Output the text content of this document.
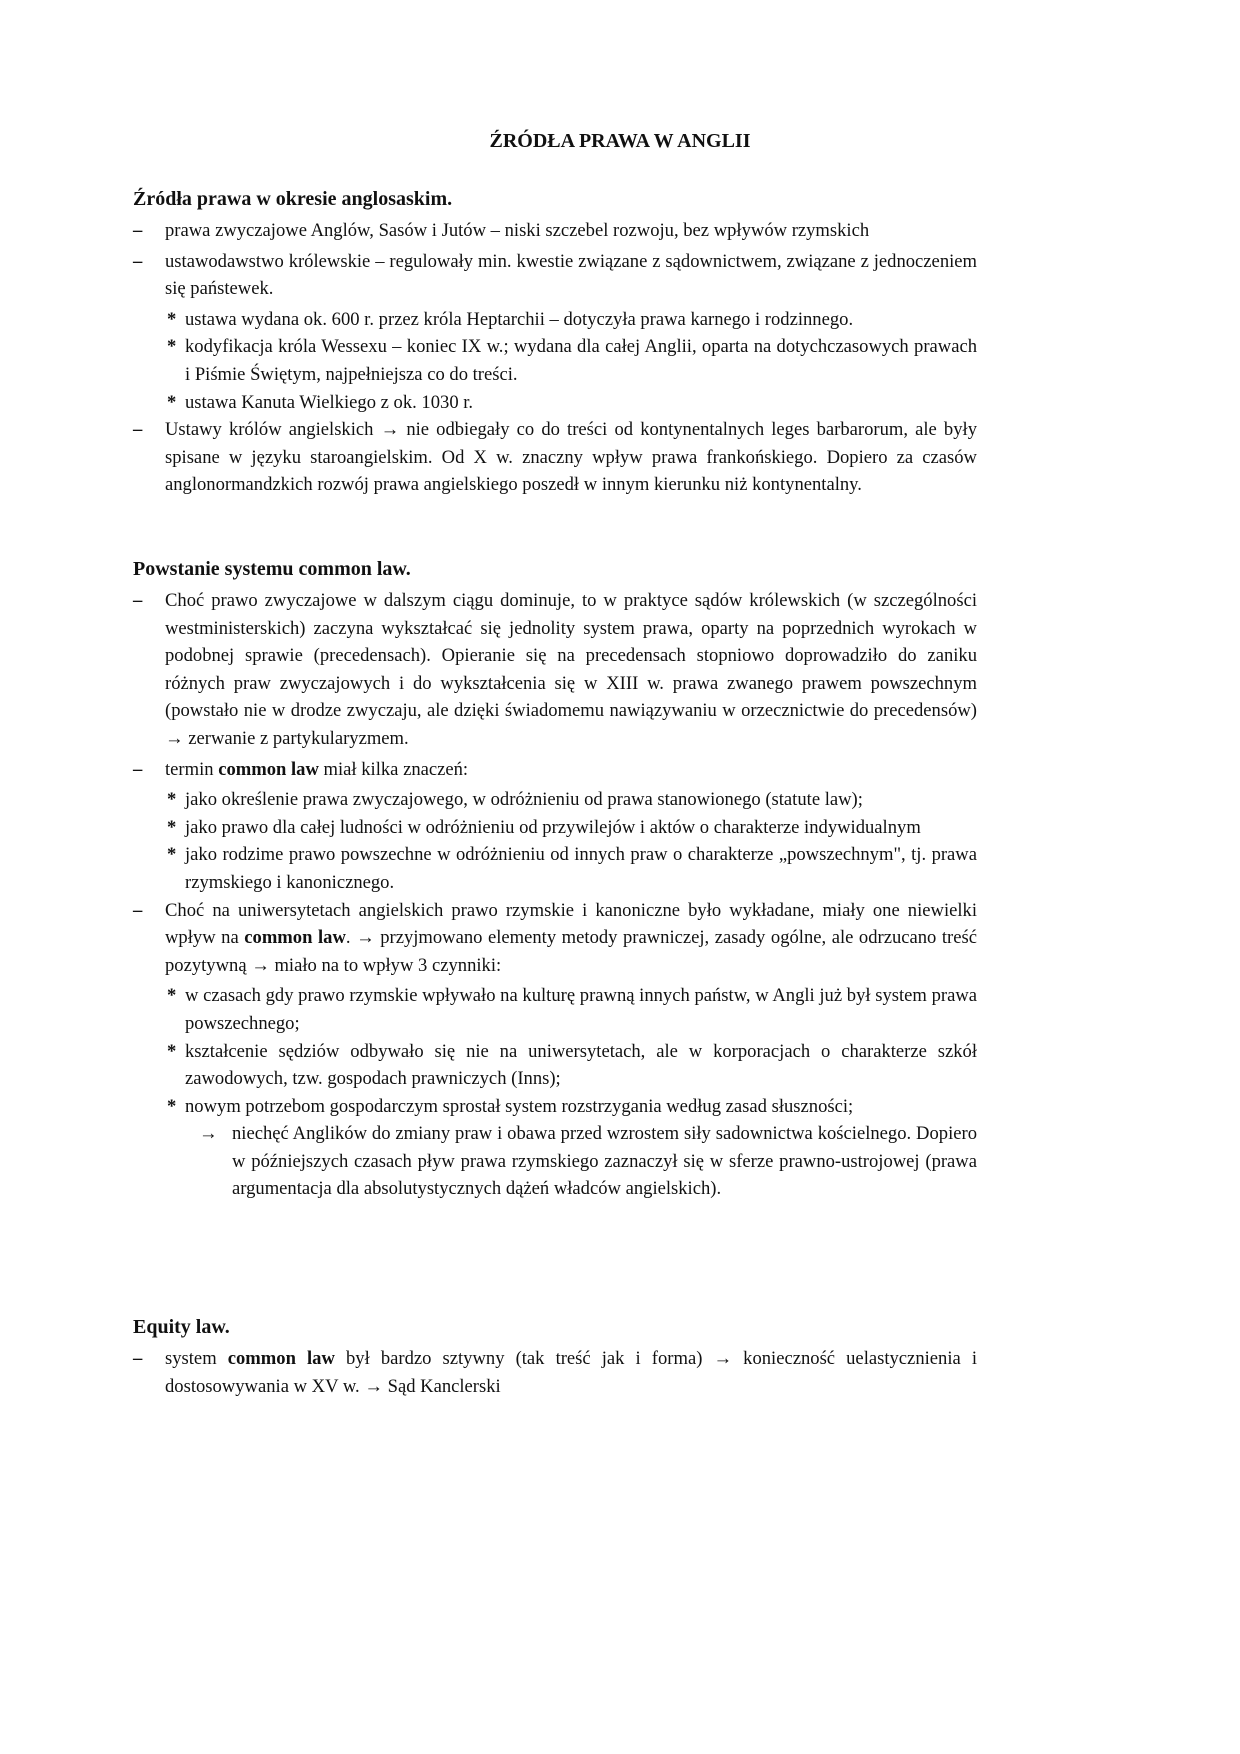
ŹRÓDŁA PRAWA W ANGLII
Źródła prawa w okresie anglosaskim.
– prawa zwyczajowe Anglów, Sasów i Jutów – niski szczebel rozwoju, bez wpływów rzymskich
– ustawodawstwo królewskie – regulowały min. kwestie związane z sądownictwem, związane z jednoczeniem się państewek.
* ustawa wydana ok. 600 r. przez króla Heptarchii – dotyczyła prawa karnego i rodzinnego.
* kodyfikacja króla Wessexu – koniec IX w.; wydana dla całej Anglii, oparta na dotychczasowych prawach i Piśmie Świętym, najpełniejsza co do treści.
* ustawa Kanuta Wielkiego z ok. 1030 r.
– Ustawy królów angielskich → nie odbiegały co do treści od kontynentalnych leges barbarorum, ale były spisane w języku staroangielskim. Od X w. znaczny wpływ prawa frankońskiego. Dopiero za czasów anglonormandzkich rozwój prawa angielskiego poszedł w innym kierunku niż kontynentalny.
Powstanie systemu common law.
– Choć prawo zwyczajowe w dalszym ciągu dominuje, to w praktyce sądów królewskich (w szczególności westministerskich) zaczyna wykształcać się jednolity system prawa, oparty na poprzednich wyrokach w podobnej sprawie (precedensach). Opieranie się na precedensach stopniowo doprowadziło do zaniku różnych praw zwyczajowych i do wykształcenia się w XIII w. prawa zwanego prawem powszechnym (powstało nie w drodze zwyczaju, ale dzięki świadomemu nawiązywaniu w orzecznictwie do precedensów) → zerwanie z partykularyzmem.
– termin common law miał kilka znaczeń:
* jako określenie prawa zwyczajowego, w odróżnieniu od prawa stanowionego (statute law);
* jako prawo dla całej ludności w odróżnieniu od przywilejów i aktów o charakterze indywidualnym
* jako rodzime prawo powszechne w odróżnieniu od innych praw o charakterze „powszechnym", tj. prawa rzymskiego i kanonicznego.
– Choć na uniwersytetach angielskich prawo rzymskie i kanoniczne było wykładane, miały one niewielki wpływ na common law. → przyjmowano elementy metody prawniczej, zasady ogólne, ale odrzucano treść pozytywną → miało na to wpływ 3 czynniki:
* w czasach gdy prawo rzymskie wpływało na kulturę prawną innych państw, w Angli już był system prawa powszechnego;
* kształcenie sędziów odbywało się nie na uniwersytetach, ale w korporacjach o charakterze szkół zawodowych, tzw. gospodach prawniczych (Inns);
* nowym potrzebom gospodarczym sprostał system rozstrzygania według zasad słuszności;
→ niechęć Anglików do zmiany praw i obawa przed wzrostem siły sadownictwa kościelnego. Dopiero w późniejszych czasach pływ prawa rzymskiego zaznaczył się w sferze prawno-ustrojowej (prawa argumentacja dla absolutystycznych dążeń władców angielskich).
Equity law.
– system common law był bardzo sztywny (tak treść jak i forma) → konieczność uelastycznienia i dostosowywania w XV w. → Sąd Kanclerski
